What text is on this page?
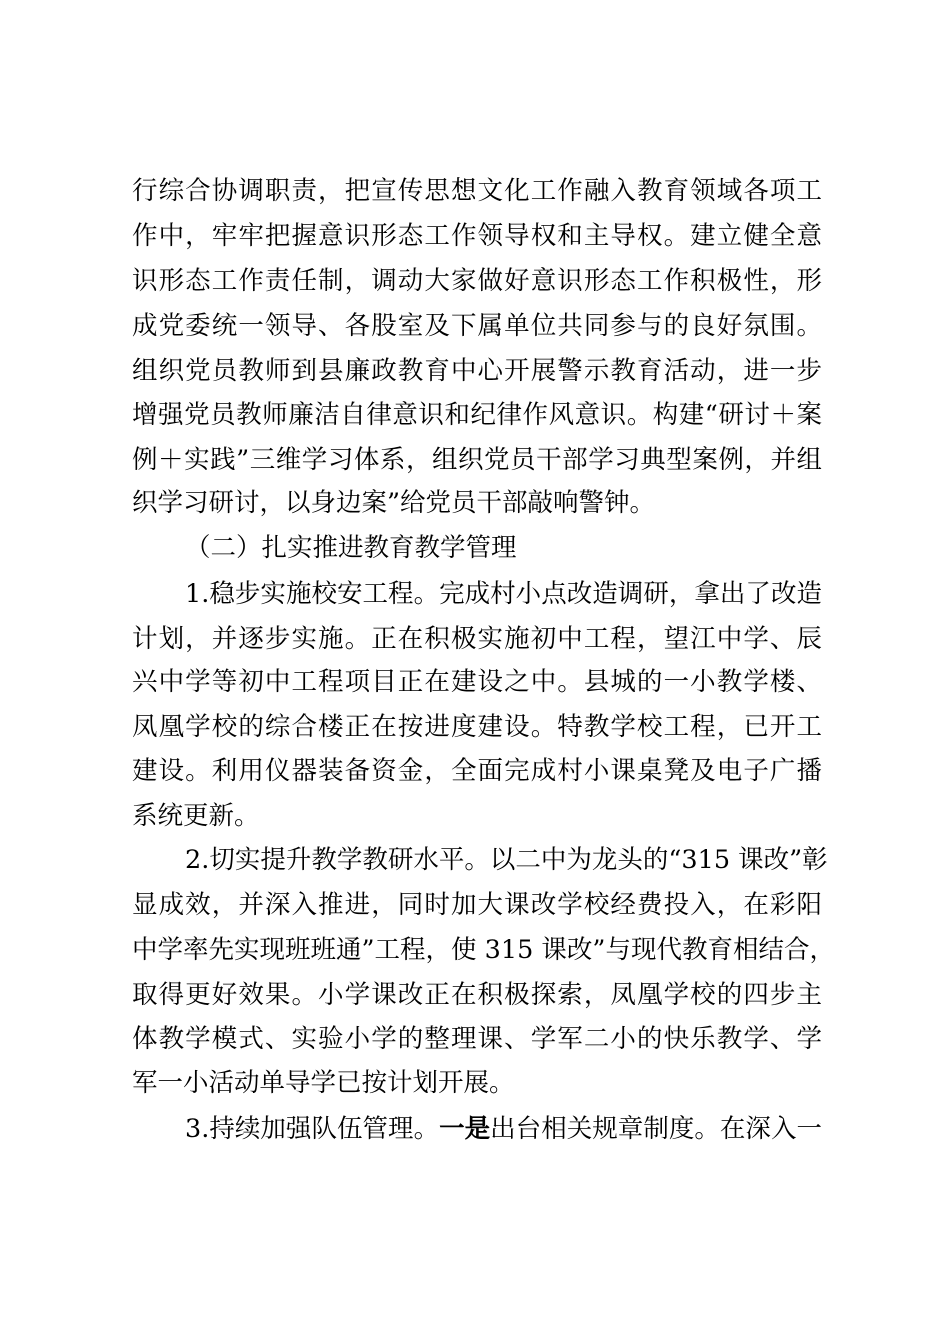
行综合协调职责，把宣传思想文化工作融入教育领域各项工
作中，牢牢把握意识形态工作领导权和主导权。建立健全意
识形态工作责任制，调动大家做好意识形态工作积极性，形
成党委统一领导、各股室及下属单位共同参与的良好氛围。
组织党员教师到县廉政教育中心开展警示教育活动，进一步
增强党员教师廉洁自律意识和纪律作风意识。构建“研讨＋案
例＋实践”三维学习体系，组织党员干部学习典型案例，并组
织学习研讨，以身边案”给党员干部敲响警钟。
（二）扎实推进教育教学管理
1.稳步实施校安工程。完成村小点改造调研，拿出了改造
计划，并逐步实施。正在积极实施初中工程，望江中学、辰
兴中学等初中工程项目正在建设之中。县城的一小教学楼、
凤凰学校的综合楼正在按进度建设。特教学校工程，已开工
建设。利用仪器装备资金，全面完成村小课桌凳及电子广播
系统更新。
2.切实提升教学教研水平。以二中为龙头的“315 课改”彰
显成效，并深入推进，同时加大课改学校经费投入，在彩阳
中学率先实现班班通”工程，使 315 课改”与现代教育相结合，
取得更好效果。小学课改正在积极探索，凤凰学校的四步主
体教学模式、实验小学的整理课、学军二小的快乐教学、学
军一小活动单导学已按计划开展。
3.持续加强队伍管理。一是出台相关规章制度。在深入一
